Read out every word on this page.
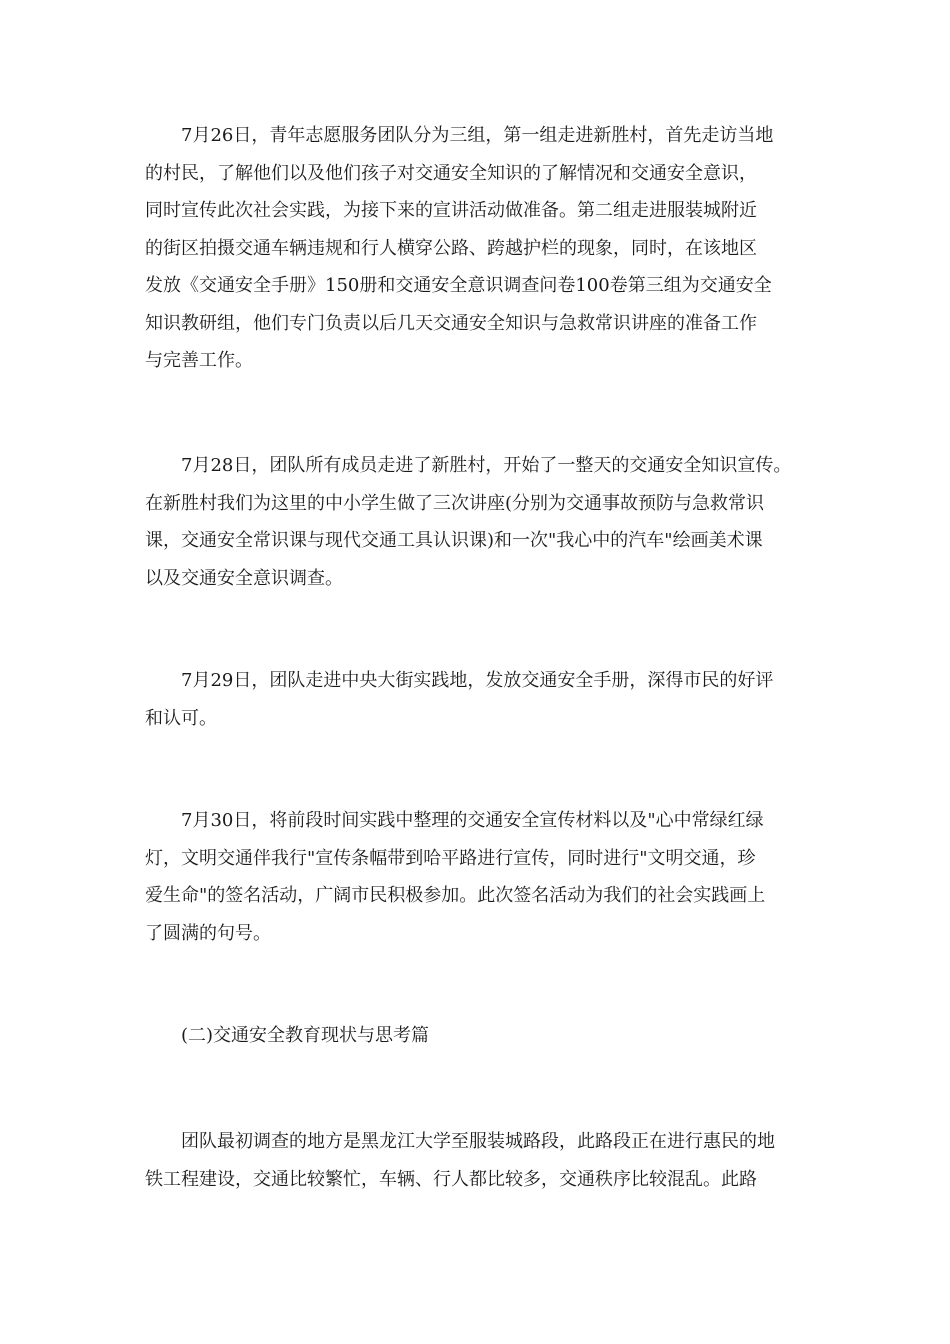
　　7月26日，青年志愿服务团队分为三组，第一组走进新胜村，首先走访当地
的村民，了解他们以及他们孩子对交通安全知识的了解情况和交通安全意识，
同时宣传此次社会实践，为接下来的宣讲活动做准备。第二组走进服装城附近
的街区拍摄交通车辆违规和行人横穿公路、跨越护栏的现象，同时，在该地区
发放《交通安全手册》150册和交通安全意识调查问卷100卷第三组为交通安全
知识教研组，他们专门负责以后几天交通安全知识与急救常识讲座的准备工作
与完善工作。
　　7月28日，团队所有成员走进了新胜村，开始了一整天的交通安全知识宣传。
在新胜村我们为这里的中小学生做了三次讲座(分别为交通事故预防与急救常识
课，交通安全常识课与现代交通工具认识课)和一次"我心中的汽车"绘画美术课
以及交通安全意识调查。
　　7月29日，团队走进中央大街实践地，发放交通安全手册，深得市民的好评
和认可。
　　7月30日，将前段时间实践中整理的交通安全宣传材料以及"心中常绿红绿
灯，文明交通伴我行"宣传条幅带到哈平路进行宣传，同时进行"文明交通，珍
爱生命"的签名活动，广阔市民积极参加。此次签名活动为我们的社会实践画上
了圆满的句号。
　　(二)交通安全教育现状与思考篇
　　团队最初调查的地方是黑龙江大学至服装城路段，此路段正在进行惠民的地
铁工程建设，交通比较繁忙，车辆、行人都比较多，交通秩序比较混乱。此路
